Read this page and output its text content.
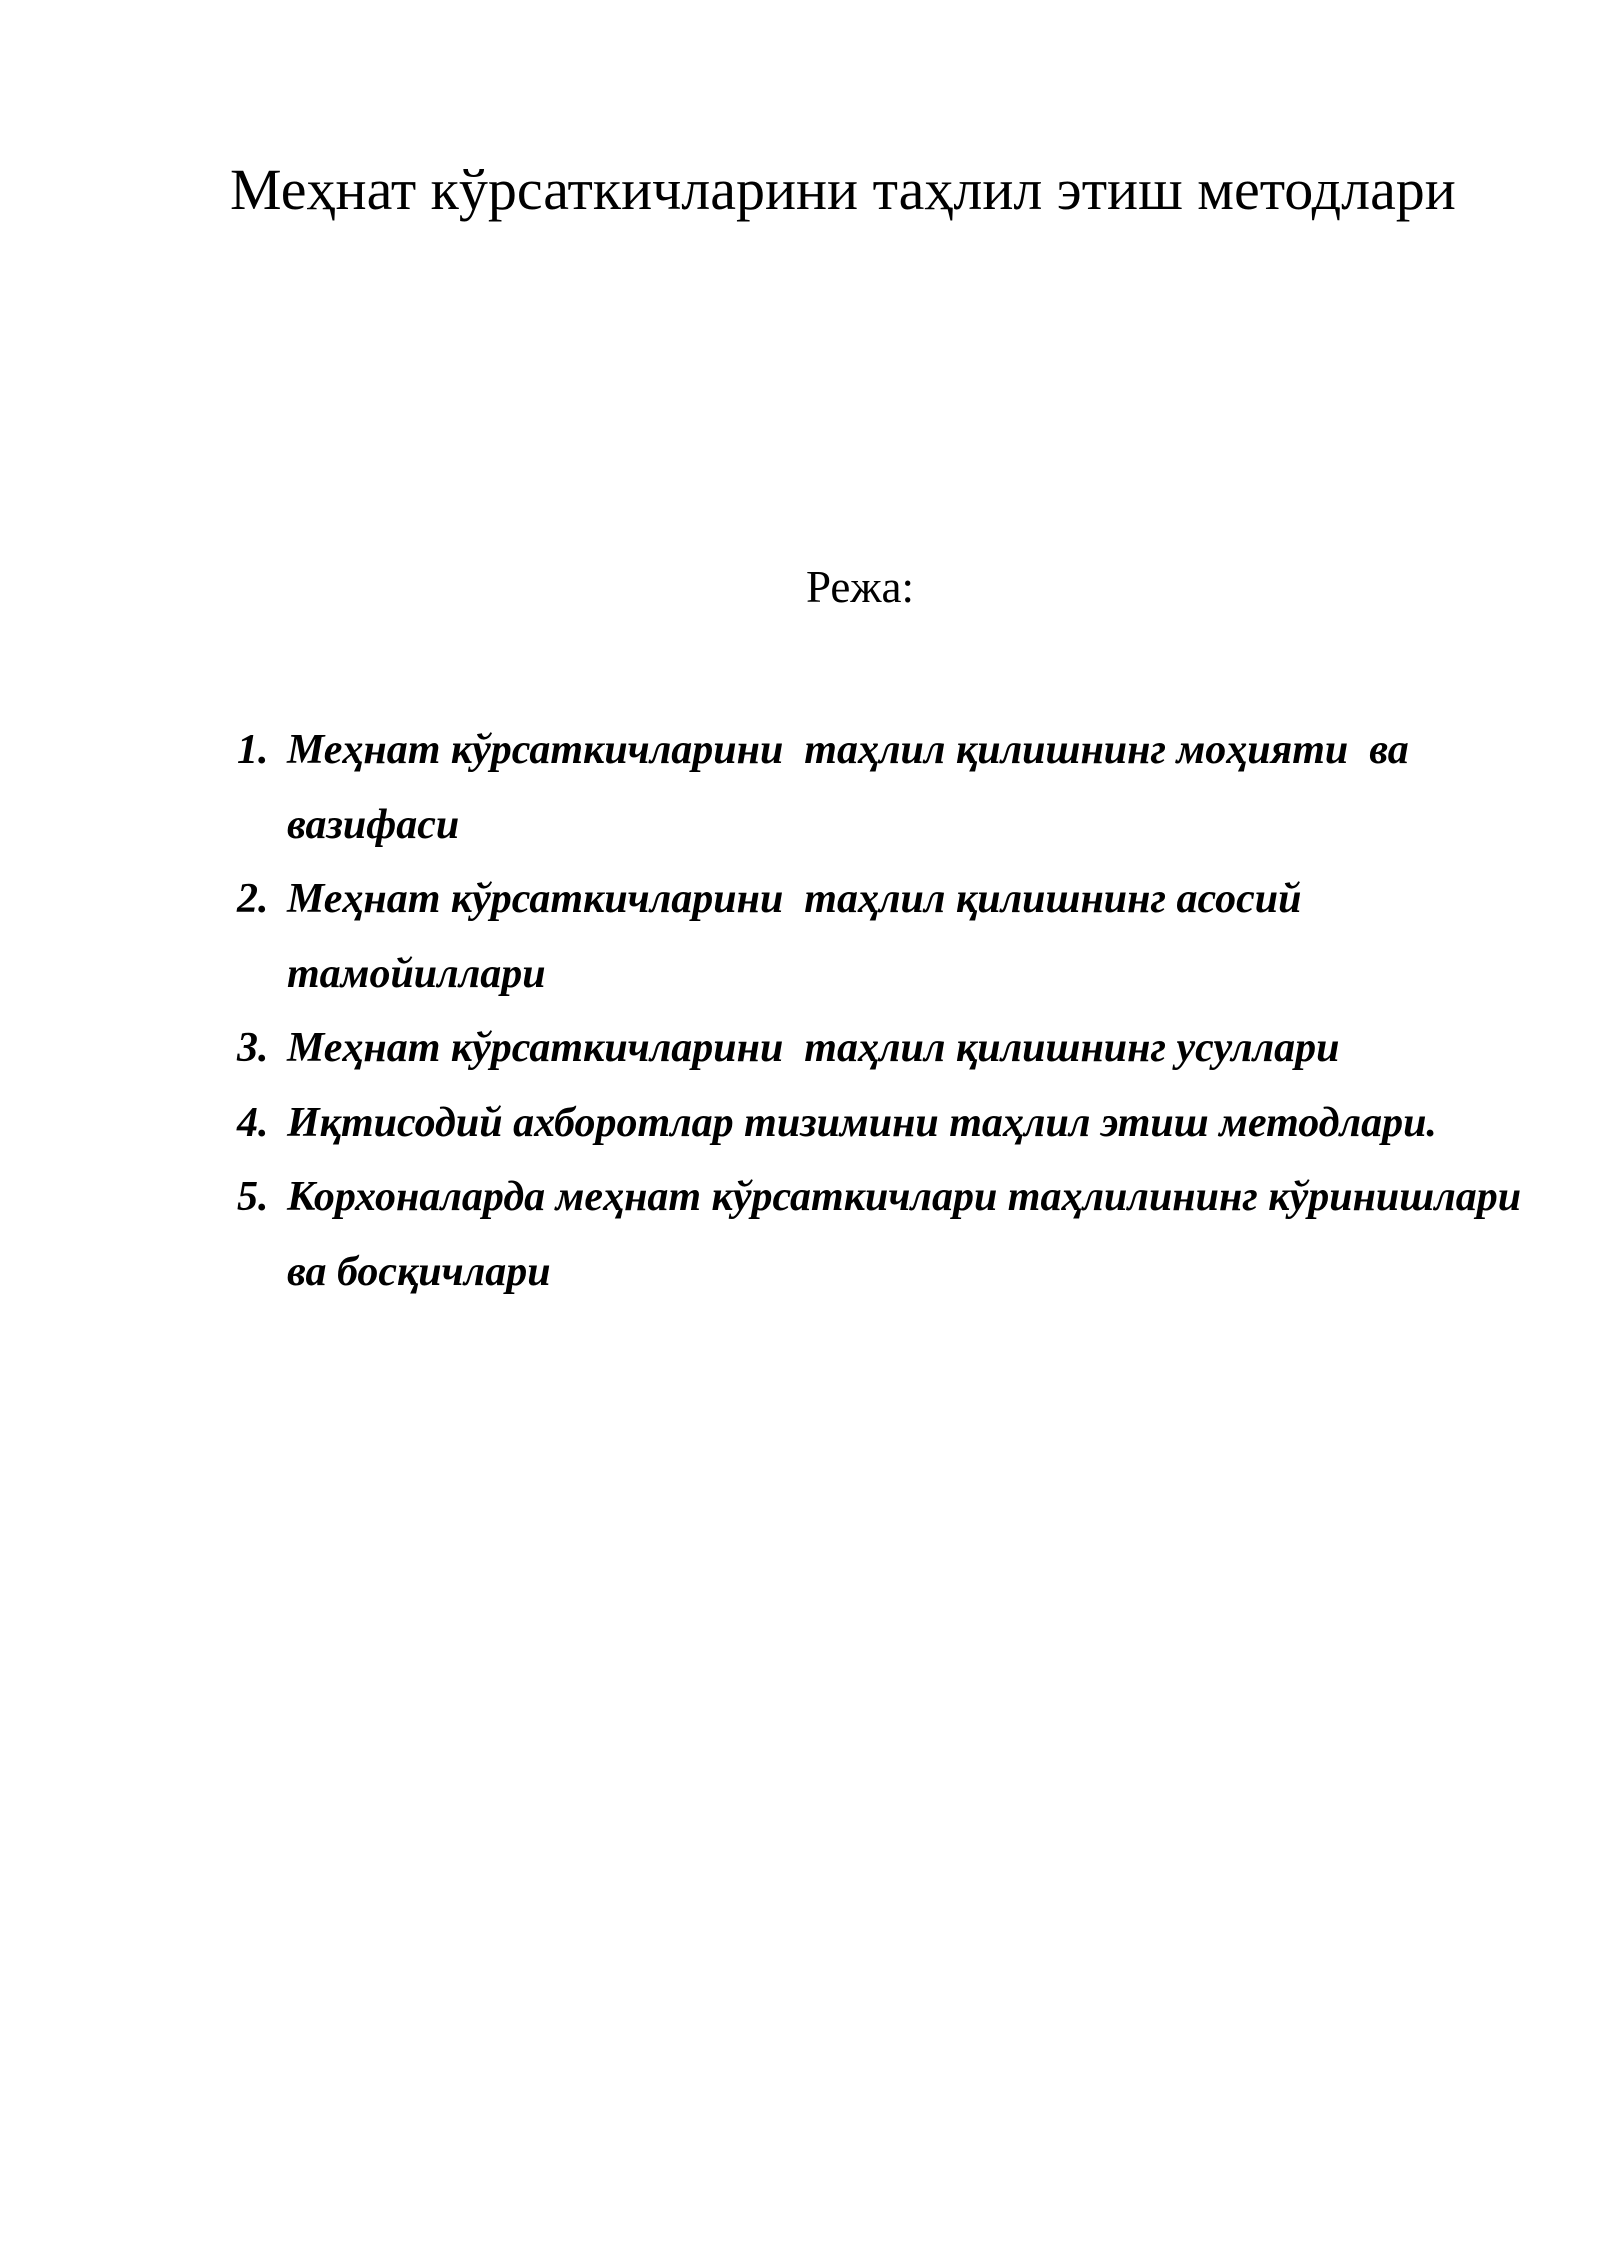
Меҳнат кўрсаткичларини таҳлил этиш методлари

Режа:

1. Меҳнат кўрсаткичларини  таҳлил қилишнинг моҳияти  ва вазифаси
2. Меҳнат кўрсаткичларини  таҳлил қилишнинг асосий тамойиллари
3. Меҳнат кўрсаткичларини  таҳлил қилишнинг усуллари
4. Иқтисодий ахборотлар тизимини таҳлил этиш методлари.
5. Корхоналарда меҳнат кўрсаткичлари таҳлилининг кўринишлари ва босқичлари
